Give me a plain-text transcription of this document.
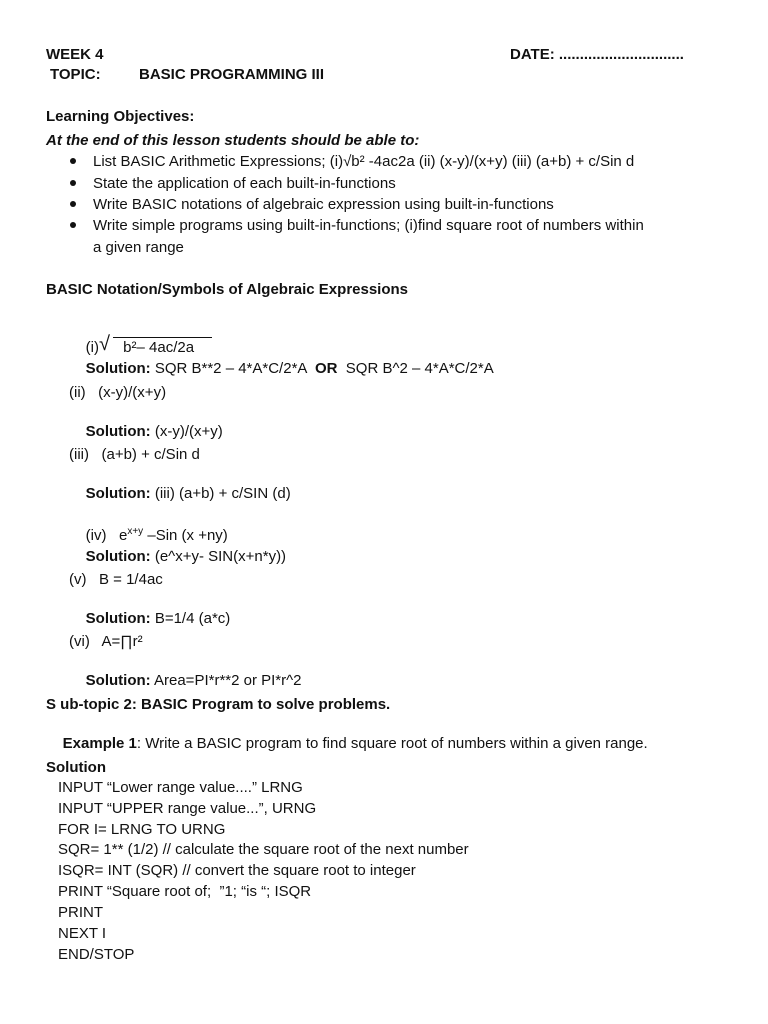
WEEK 4	DATE: ..............................
TOPIC:	BASIC PROGRAMMING III
Learning Objectives:
At the end of this lesson students should be able to:
List BASIC Arithmetic Expressions; (i)√b² -4ac2a (ii) (x-y)/(x+y) (iii) (a+b) + c/Sin d
State the application of each built-in-functions
Write BASIC notations of algebraic expression using built-in-functions
Write simple programs using built-in-functions; (i)find square root of numbers within
a given range
BASIC Notation/Symbols of Algebraic Expressions

(i) √ b²– 4ac/2a

Solution: SQR B**2 – 4*A*C/2*A OR SQR B^2 – 4*A*C/2*A

(ii)   (x-y)/(x+y)

Solution: (x-y)/(x+y)

(iii)   (a+b) + c/Sin d

Solution: (iii) (a+b) + c/SIN (d)

(iv)   $e^{x+y}$ –Sin (x +ny)

Solution: (e^x+y- SIN(x+n*y))

(v)   B = 1/4ac

Solution: B=1/4 (a*c)

(vi)   A=∏r²

Solution: Area=PI*r**2 or PI*r^2

S ub-topic 2: BASIC Program to solve problems.

Example 1: Write a BASIC program to find square root of numbers within a given range.

Solution
INPUT “Lower range value....” LRNG
INPUT “UPPER range value...”, URNG
FOR I= LRNG TO URNG
SQR= 1** (1/2) // calculate the square root of the next number
ISQR= INT (SQR) // convert the square root to integer
PRINT “Square root of;  ”1; “is “; ISQR
PRINT
NEXT I
END/STOP
